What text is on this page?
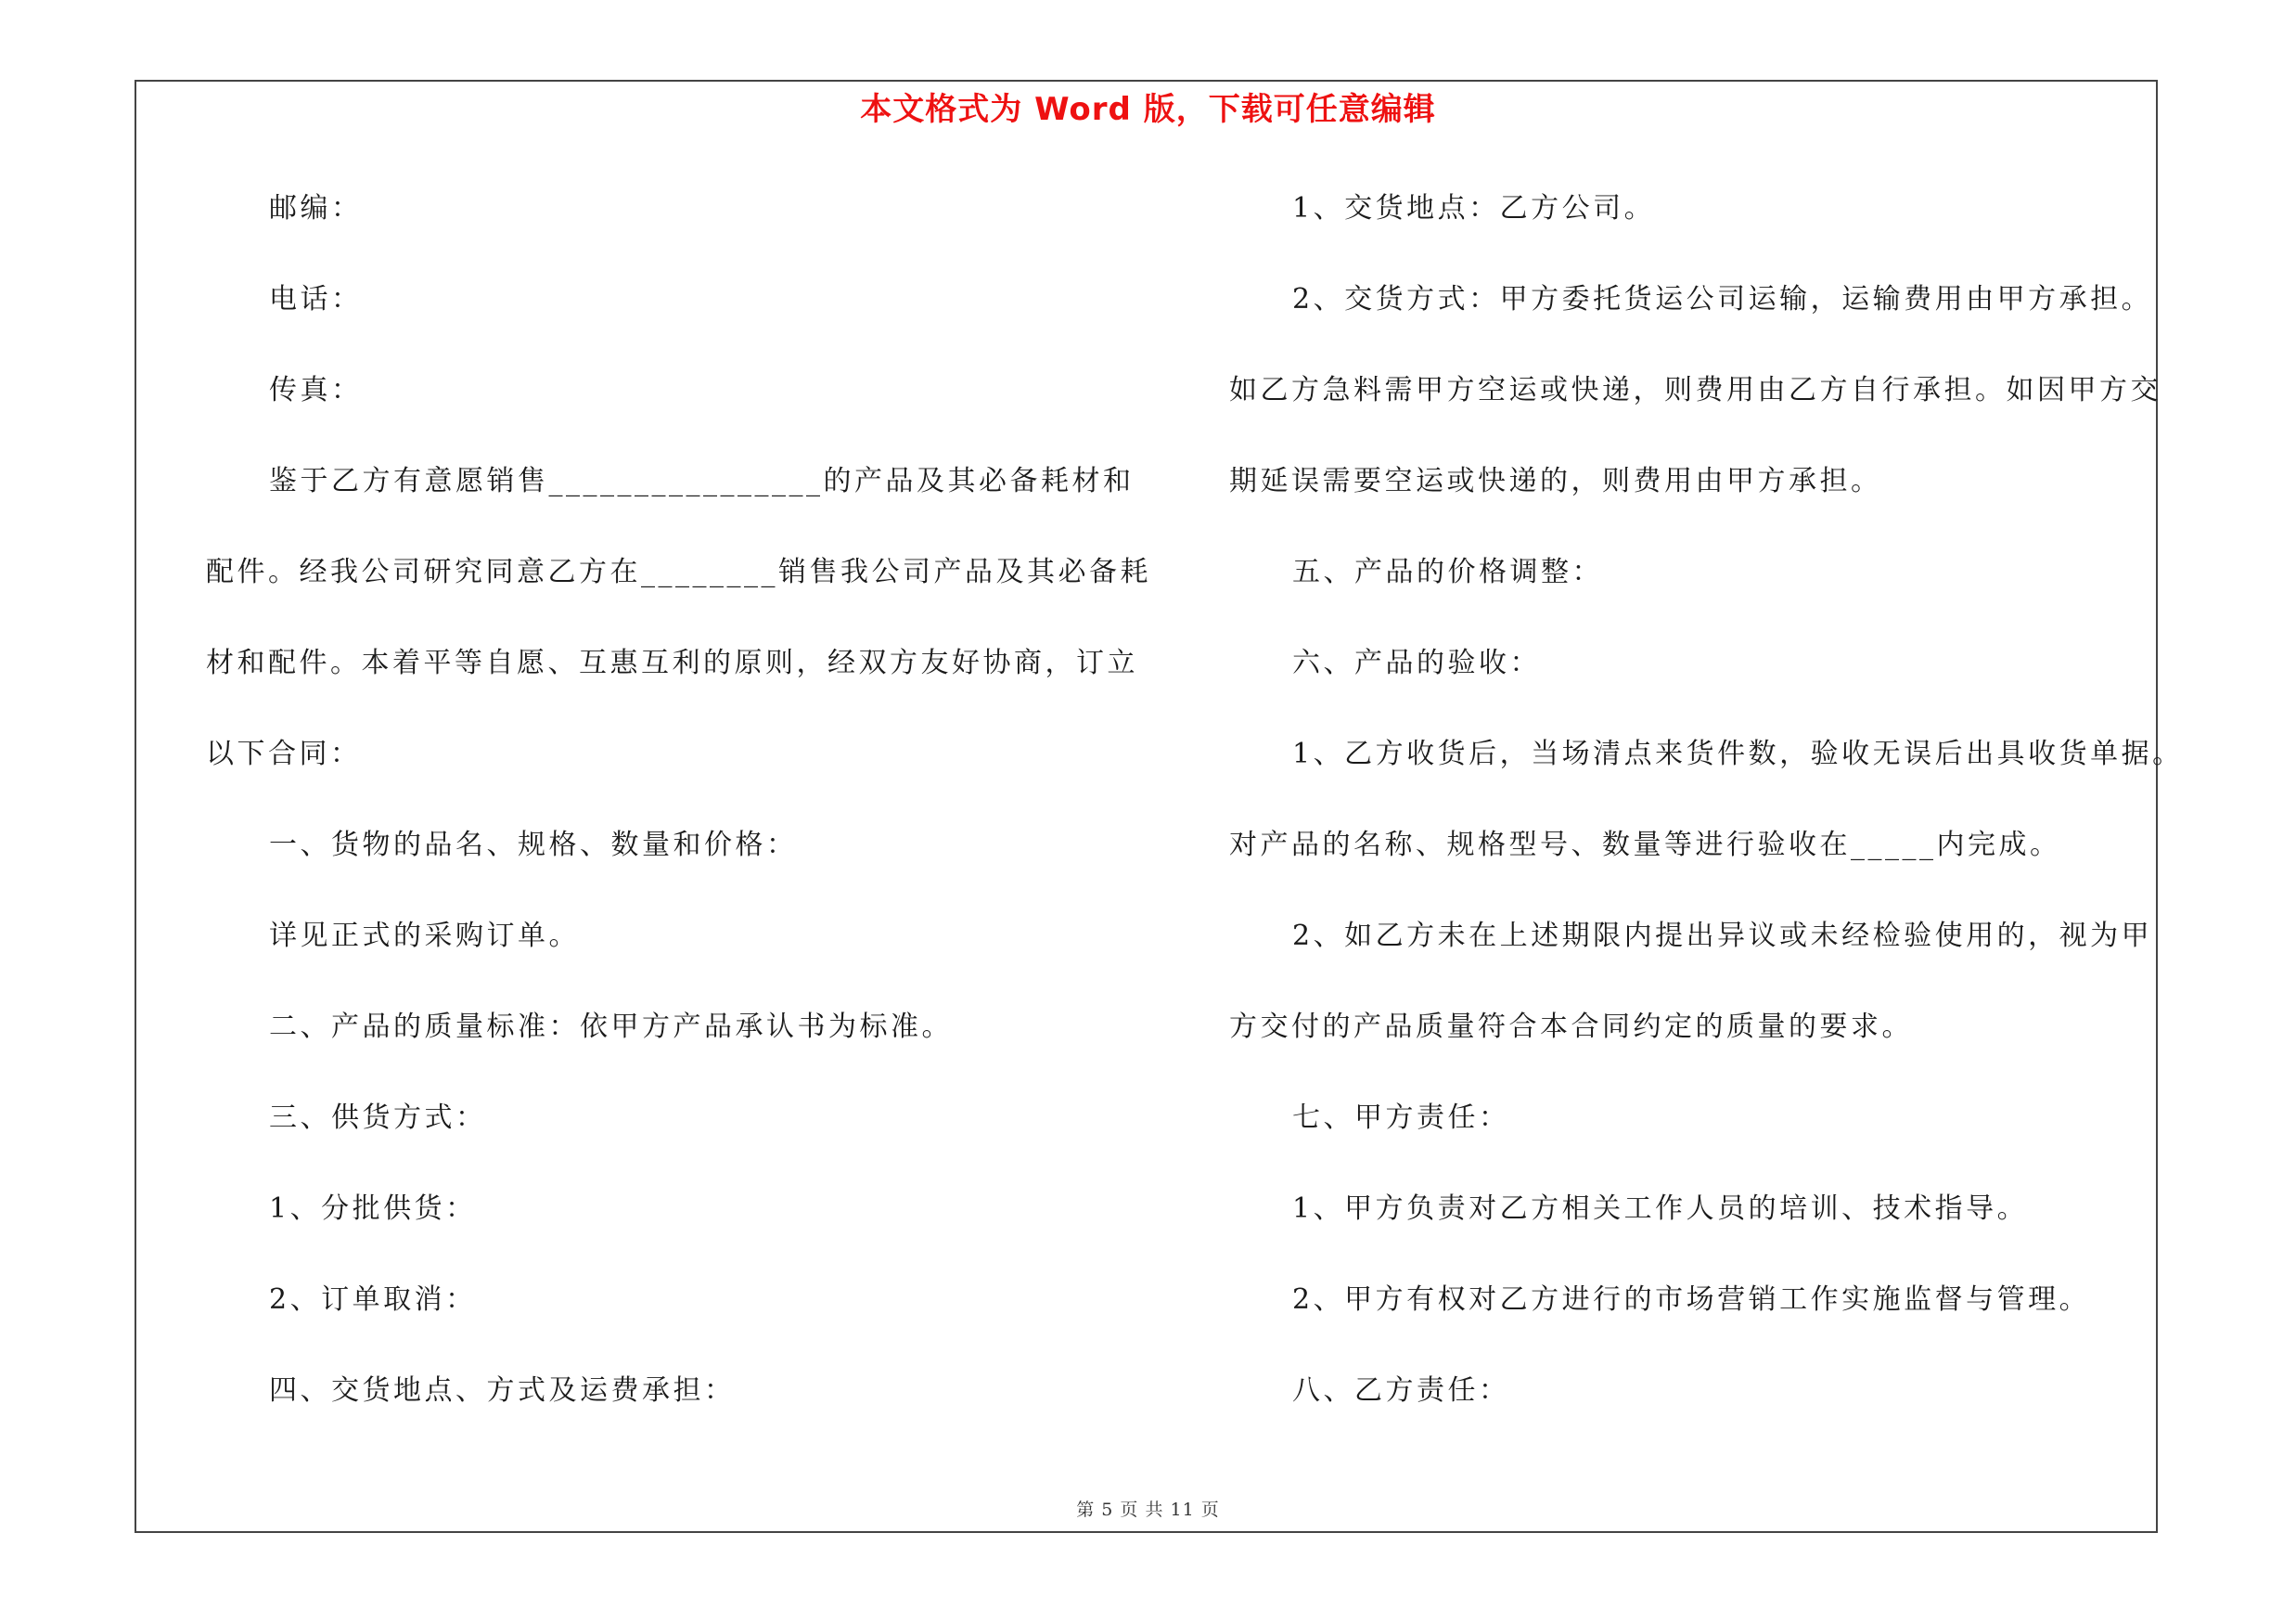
本文格式为 Word 版，下载可任意编辑
邮编：
电话：
传真：
鉴于乙方有意愿销售________________的产品及其必备耗材和
配件。经我公司研究同意乙方在________销售我公司产品及其必备耗
材和配件。本着平等自愿、互惠互利的原则，经双方友好协商，订立
以下合同：
一、货物的品名、规格、数量和价格：
详见正式的采购订单。
二、产品的质量标准：依甲方产品承认书为标准。
三、供货方式：
1、分批供货：
2、订单取消：
四、交货地点、方式及运费承担：
1、交货地点：乙方公司。
2、交货方式：甲方委托货运公司运输，运输费用由甲方承担。
如乙方急料需甲方空运或快递，则费用由乙方自行承担。如因甲方交
期延误需要空运或快递的，则费用由甲方承担。
五、产品的价格调整：
六、产品的验收：
1、乙方收货后，当场清点来货件数，验收无误后出具收货单据。
对产品的名称、规格型号、数量等进行验收在_____内完成。
2、如乙方未在上述期限内提出异议或未经检验使用的，视为甲
方交付的产品质量符合本合同约定的质量的要求。
七、甲方责任：
1、甲方负责对乙方相关工作人员的培训、技术指导。
2、甲方有权对乙方进行的市场营销工作实施监督与管理。
八、乙方责任：
第 5 页 共 11 页
